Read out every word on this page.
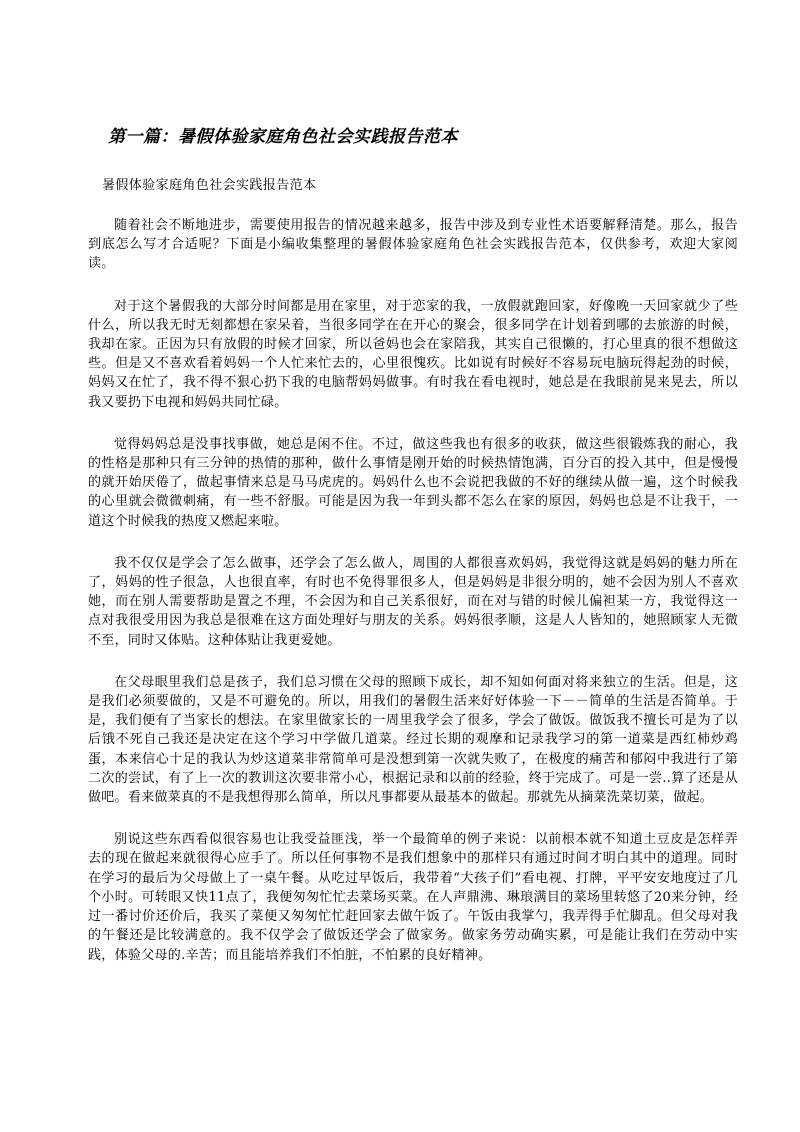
第一篇：暑假体验家庭角色社会实践报告范本

暑假体验家庭角色社会实践报告范本

随着社会不断地进步，需要使用报告的情况越来越多，报告中涉及到专业性术语要解释清楚。那么，报告到底怎么写才合适呢？下面是小编收集整理的暑假体验家庭角色社会实践报告范本，仅供参考，欢迎大家阅读。

对于这个暑假我的大部分时间都是用在家里，对于恋家的我，一放假就跑回家，好像晚一天回家就少了些什么，所以我无时无刻都想在家呆着，当很多同学在在开心的聚会，很多同学在计划着到哪的去旅游的时候，我却在家。正因为只有放假的时候才回家，所以爸妈也会在家陪我，其实自己很懒的，打心里真的很不想做这些。但是又不喜欢看着妈妈一个人忙来忙去的，心里很愧疚。比如说有时候好不容易玩电脑玩得起劲的时候，妈妈又在忙了，我不得不狠心扔下我的电脑帮妈妈做事。有时我在看电视时，她总是在我眼前晃来晃去，所以我又要扔下电视和妈妈共同忙碌。

觉得妈妈总是没事找事做，她总是闲不住。不过，做这些我也有很多的收获，做这些很锻炼我的耐心，我的性格是那种只有三分钟的热情的那种，做什么事情是刚开始的时候热情饱满，百分百的投入其中，但是慢慢的就开始厌倦了，做起事情来总是马马虎虎的。妈妈什么也不会说把我做的不好的继续从做一遍，这个时候我的心里就会微微刺痛，有一些不舒服。可能是因为我一年到头都不怎么在家的原因，妈妈也总是不让我干，一道这个时候我的热度又燃起来啦。

我不仅仅是学会了怎么做事，还学会了怎么做人，周围的人都很喜欢妈妈，我觉得这就是妈妈的魅力所在了，妈妈的性子很急，人也很直率，有时也不免得罪很多人，但是妈妈是非很分明的，她不会因为别人不喜欢她，而在别人需要帮助是置之不理，不会因为和自己关系很好，而在对与错的时候儿偏袒某一方，我觉得这一点对我很受用因为我总是很难在这方面处理好与朋友的关系。妈妈很孝顺，这是人人皆知的，她照顾家人无微不至，同时又体贴。这种体贴让我更爱她。

在父母眼里我们总是孩子，我们总习惯在父母的照顾下成长，却不知如何面对将来独立的生活。但是，这是我们必须要做的，又是不可避免的。所以，用我们的暑假生活来好好体验一下－－简单的生活是否简单。于是，我们便有了当家长的想法。在家里做家长的一周里我学会了很多，学会了做饭。做饭我不擅长可是为了以后饿不死自己我还是决定在这个学习中学做几道菜。经过长期的观摩和记录我学习的第一道菜是西红柿炒鸡蛋，本来信心十足的我认为炒这道菜非常简单可是没想到第一次就失败了，在极度的痛苦和郁闷中我进行了第二次的尝试，有了上一次的教训这次要非常小心，根据记录和以前的经验，终于完成了。可是一尝..算了还是从做吧。看来做菜真的不是我想得那么简单，所以凡事都要从最基本的做起。那就先从摘菜洗菜切菜，做起。

别说这些东西看似很容易也让我受益匪浅，举一个最简单的例子来说：以前根本就不知道土豆皮是怎样弄去的现在做起来就很得心应手了。所以任何事物不是我们想象中的那样只有通过时间才明白其中的道理。同时在学习的最后为父母做上了一桌午餐。从吃过早饭后，我带着“大孩子们”看电视、打牌，平平安安地度过了几个小时。可转眼又快11点了，我便匆匆忙忙去菜场买菜。在人声鼎沸、琳琅满目的菜场里转悠了20来分钟，经过一番讨价还价后，我买了菜便又匆匆忙忙赶回家去做午饭了。午饭由我掌勺，我弄得手忙脚乱。但父母对我的午餐还是比较满意的。我不仅学会了做饭还学会了做家务。做家务劳动确实累，可是能让我们在劳动中实践，体验父母的.辛苦；而且能培养我们不怕脏，不怕累的良好精神。
